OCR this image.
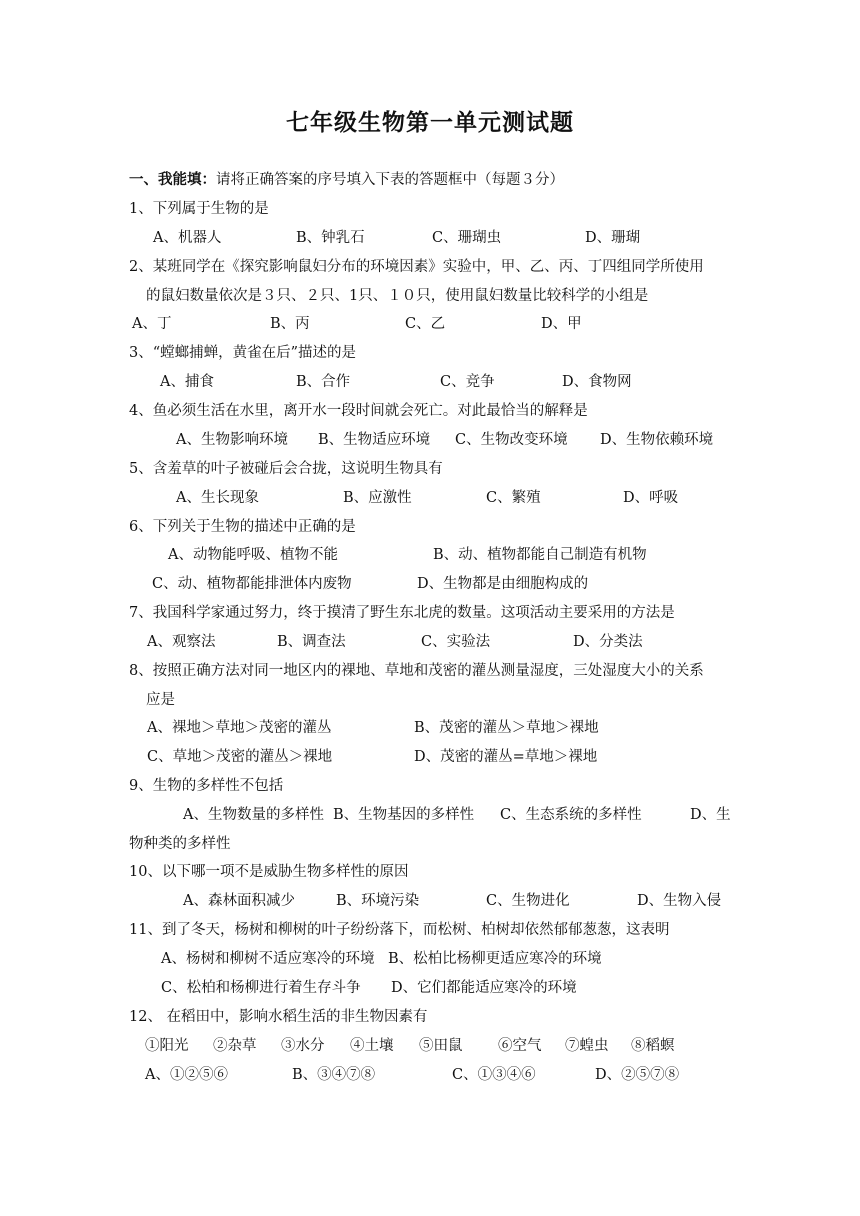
七年级生物第一单元测试题
一、我能填：请将正确答案的序号填入下表的答题框中（每题３分）
1、下列属于生物的是
A、机器人	B、钟乳石	C、珊瑚虫	D、珊瑚
2、某班同学在《探究影响鼠妇分布的环境因素》实验中，甲、乙、丙、丁四组同学所使用
的鼠妇数量依次是３只、２只、1只、１０只，使用鼠妇数量比较科学的小组是
A、丁	B、丙	C、乙	D、甲
3、“螳螂捕蝉，黄雀在后”描述的是
A、捕食	B、合作	C、竞争	D、食物网
4、鱼必须生活在水里，离开水一段时间就会死亡。对此最恰当的解释是
A、生物影响环境 B、生物适应环境 C、生物改变环境 D、生物依赖环境
5、含羞草的叶子被碰后会合拢，这说明生物具有
A、生长现象	B、应激性	C、繁殖	D、呼吸
6、下列关于生物的描述中正确的是
A、动物能呼吸、植物不能	B、动、植物都能自己制造有机物
C、动、植物都能排泄体内废物	D、生物都是由细胞构成的
7、我国科学家通过努力，终于摸清了野生东北虎的数量。这项活动主要采用的方法是
A、观察法	B、调查法	C、实验法	D、分类法
8、按照正确方法对同一地区内的裸地、草地和茂密的灌丛测量湿度，三处湿度大小的关系
应是
A、裸地＞草地＞茂密的灌丛	B、茂密的灌丛＞草地＞裸地
C、草地＞茂密的灌丛＞裸地	D、茂密的灌丛=草地＞裸地
9、生物的多样性不包括
A、生物数量的多样性 B、生物基因的多样性 C、生态系统的多样性	D、生
物种类的多样性
10、以下哪一项不是威胁生物多样性的原因
A、森林面积减少	B、环境污染	C、生物进化	D、生物入侵
11、到了冬天，杨树和柳树的叶子纷纷落下，而松树、柏树却依然郁郁葱葱，这表明
A、杨树和柳树不适应寒冷的环境 B、松柏比杨柳更适应寒冷的环境
C、松柏和杨柳进行着生存斗争 D、它们都能适应寒冷的环境
12、 在稻田中，影响水稻生活的非生物因素有
A、①②⑤⑥	B、③④⑦⑧	C、①③④⑥	D、②⑤⑦⑧
①阳光 ②杂草 ③水分 ④土壤 ⑤田鼠 ⑥空气 ⑦蝗虫 ⑧稻螟
